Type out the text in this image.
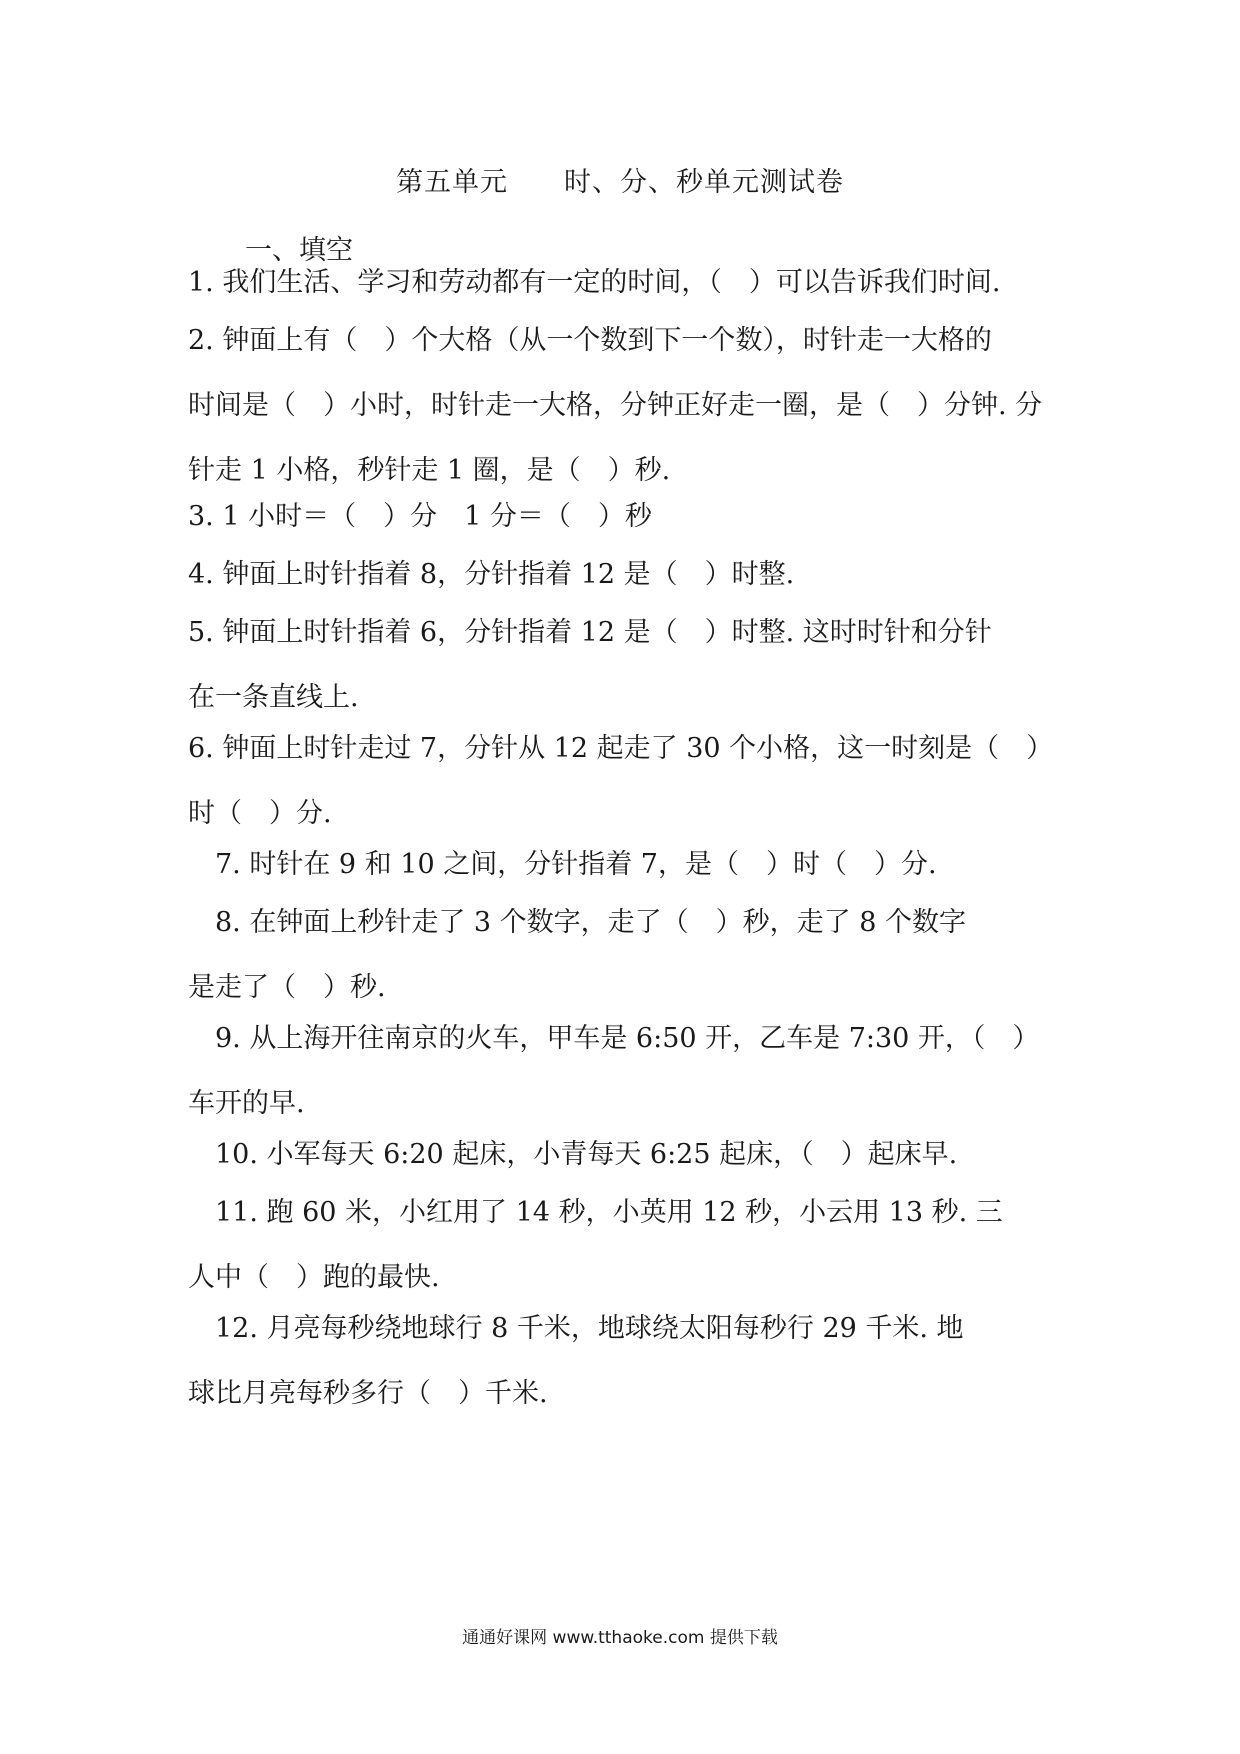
第五单元　　时、分、秒单元测试卷
一、填空
1. 我们生活、学习和劳动都有一定的时间，（　）可以告诉我们时间.
2. 钟面上有（　）个大格（从一个数到下一个数），时针走一大格的
时间是（　）小时，时针走一大格，分钟正好走一圈，是（　）分钟. 分
针走 1 小格，秒针走 1 圈，是（　）秒.
3. 1 小时＝（　）分　1 分＝（　）秒
4. 钟面上时针指着 8，分针指着 12 是（　）时整.
5. 钟面上时针指着 6，分针指着 12 是（　）时整. 这时时针和分针
在一条直线上.
6. 钟面上时针走过 7，分针从 12 起走了 30 个小格，这一时刻是（　）
时（　）分.
　7. 时针在 9 和 10 之间，分针指着 7，是（　）时（　）分.
　8. 在钟面上秒针走了 3 个数字，走了（　）秒，走了 8 个数字
是走了（　）秒.
　9. 从上海开往南京的火车，甲车是 6:50 开，乙车是 7:30 开，（　）
车开的早.
　10. 小军每天 6:20 起床，小青每天 6:25 起床，（　）起床早.
　11. 跑 60 米，小红用了 14 秒，小英用 12 秒，小云用 13 秒. 三
人中（　）跑的最快.
　12. 月亮每秒绕地球行 8 千米，地球绕太阳每秒行 29 千米. 地
球比月亮每秒多行（　）千米.
通通好课网 www.tthaoke.com 提供下载
